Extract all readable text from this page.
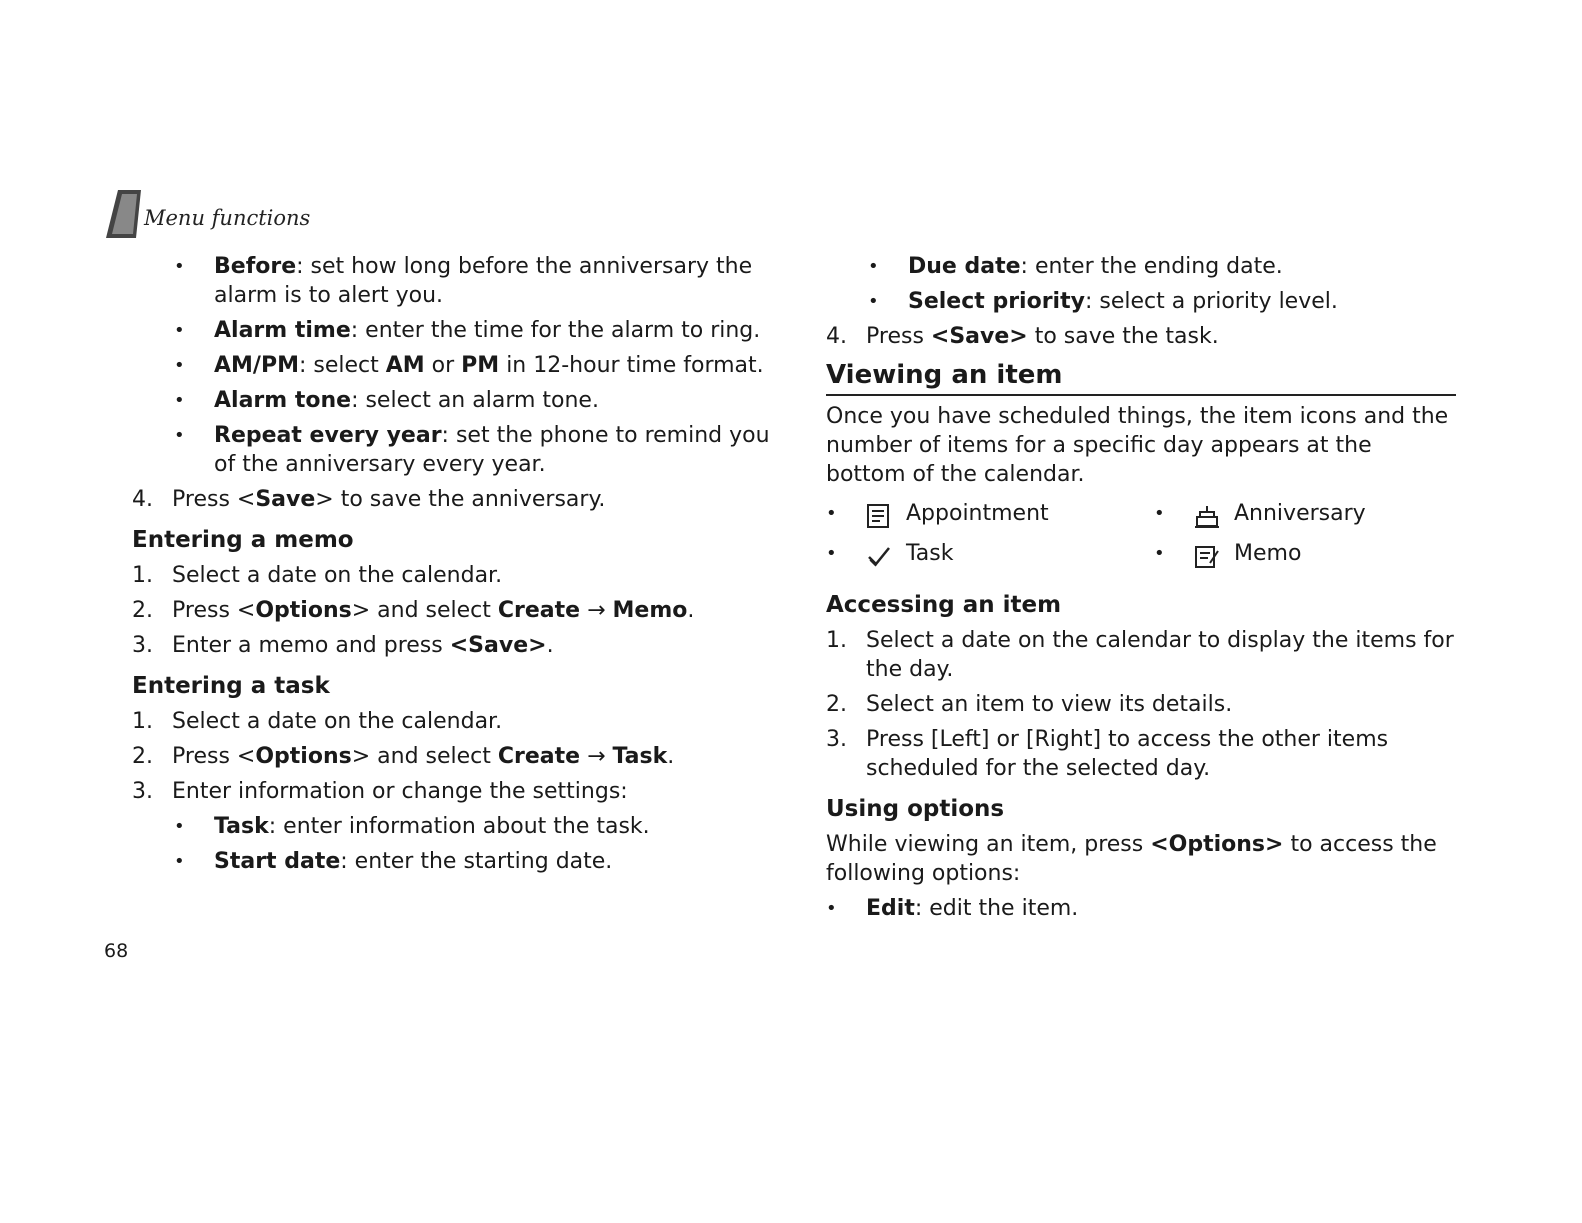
Menu functions
• Before: set how long before the anniversary the alarm is to alert you.
• Alarm time: enter the time for the alarm to ring.
• AM/PM: select AM or PM in 12-hour time format.
• Alarm tone: select an alarm tone.
• Repeat every year: set the phone to remind you of the anniversary every year.
4. Press <Save> to save the anniversary.
Entering a memo
1. Select a date on the calendar.
2. Press <Options> and select Create → Memo.
3. Enter a memo and press <Save>.
Entering a task
1. Select a date on the calendar.
2. Press <Options> and select Create → Task.
3. Enter information or change the settings:
• Task: enter information about the task.
• Start date: enter the starting date.
• Due date: enter the ending date.
• Select priority: select a priority level.
4. Press <Save> to save the task.
Viewing an item
Once you have scheduled things, the item icons and the number of items for a specific day appears at the bottom of the calendar.
Appointment	Anniversary
Task	Memo
Accessing an item
1. Select a date on the calendar to display the items for the day.
2. Select an item to view its details.
3. Press [Left] or [Right] to access the other items scheduled for the selected day.
Using options
While viewing an item, press <Options> to access the following options:
• Edit: edit the item.
68
